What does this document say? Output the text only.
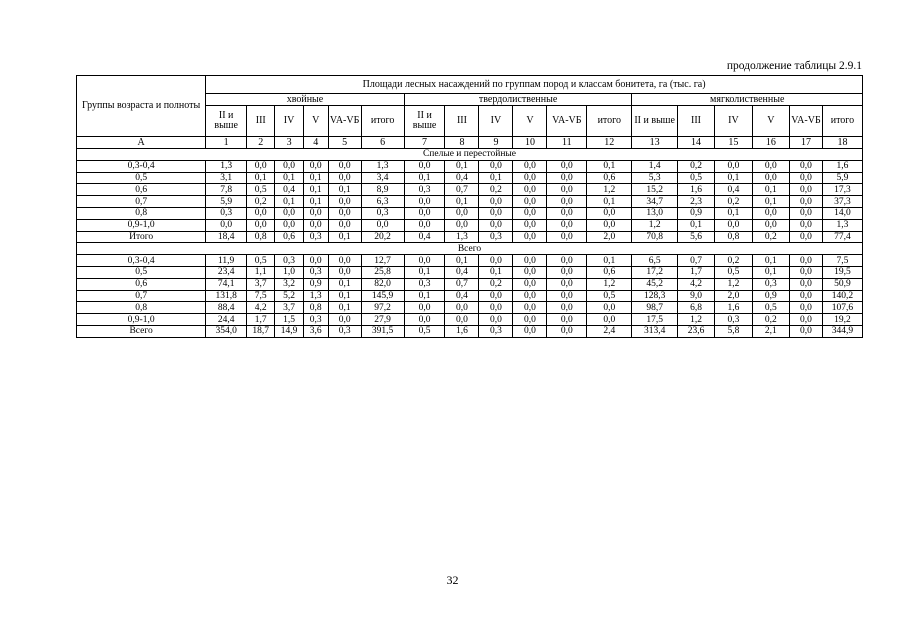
продолжение таблицы 2.9.1
Группы возраста и полноты	Площади лесных насаждений по группам пород и классам бонитета, га (тыс. га)																	
	хвойные						твердолиственные						мягколиственные					
	II и выше	III	IV	V	VA-VБ	итого	II и выше	III	IV	V	VA-VБ	итого	II и выше	III	IV	V	VA-VБ	итого
А	1	2	3	4	5	6	7	8	9	10	11	12	13	14	15	16	17	18
Спелые и перестойные																		
0,3-0,4	1,3	0,0	0,0	0,0	0,0	1,3	0,0	0,1	0,0	0,0	0,0	0,1	1,4	0,2	0,0	0,0	0,0	1,6
0,5	3,1	0,1	0,1	0,1	0,0	3,4	0,1	0,4	0,1	0,0	0,0	0,6	5,3	0,5	0,1	0,0	0,0	5,9
0,6	7,8	0,5	0,4	0,1	0,1	8,9	0,3	0,7	0,2	0,0	0,0	1,2	15,2	1,6	0,4	0,1	0,0	17,3
0,7	5,9	0,2	0,1	0,1	0,0	6,3	0,0	0,1	0,0	0,0	0,0	0,1	34,7	2,3	0,2	0,1	0,0	37,3
0,8	0,3	0,0	0,0	0,0	0,0	0,3	0,0	0,0	0,0	0,0	0,0	0,0	13,0	0,9	0,1	0,0	0,0	14,0
0,9-1,0	0,0	0,0	0,0	0,0	0,0	0,0	0,0	0,0	0,0	0,0	0,0	0,0	1,2	0,1	0,0	0,0	0,0	1,3
Итого	18,4	0,8	0,6	0,3	0,1	20,2	0,4	1,3	0,3	0,0	0,0	2,0	70,8	5,6	0,8	0,2	0,0	77,4
Всего																		
0,3-0,4	11,9	0,5	0,3	0,0	0,0	12,7	0,0	0,1	0,0	0,0	0,0	0,1	6,5	0,7	0,2	0,1	0,0	7,5
0,5	23,4	1,1	1,0	0,3	0,0	25,8	0,1	0,4	0,1	0,0	0,0	0,6	17,2	1,7	0,5	0,1	0,0	19,5
0,6	74,1	3,7	3,2	0,9	0,1	82,0	0,3	0,7	0,2	0,0	0,0	1,2	45,2	4,2	1,2	0,3	0,0	50,9
0,7	131,8	7,5	5,2	1,3	0,1	145,9	0,1	0,4	0,0	0,0	0,0	0,5	128,3	9,0	2,0	0,9	0,0	140,2
0,8	88,4	4,2	3,7	0,8	0,1	97,2	0,0	0,0	0,0	0,0	0,0	0,0	98,7	6,8	1,6	0,5	0,0	107,6
0,9-1,0	24,4	1,7	1,5	0,3	0,0	27,9	0,0	0,0	0,0	0,0	0,0	0,0	17,5	1,2	0,3	0,2	0,0	19,2
Всего	354,0	18,7	14,9	3,6	0,3	391,5	0,5	1,6	0,3	0,0	0,0	2,4	313,4	23,6	5,8	2,1	0,0	344,9
32
